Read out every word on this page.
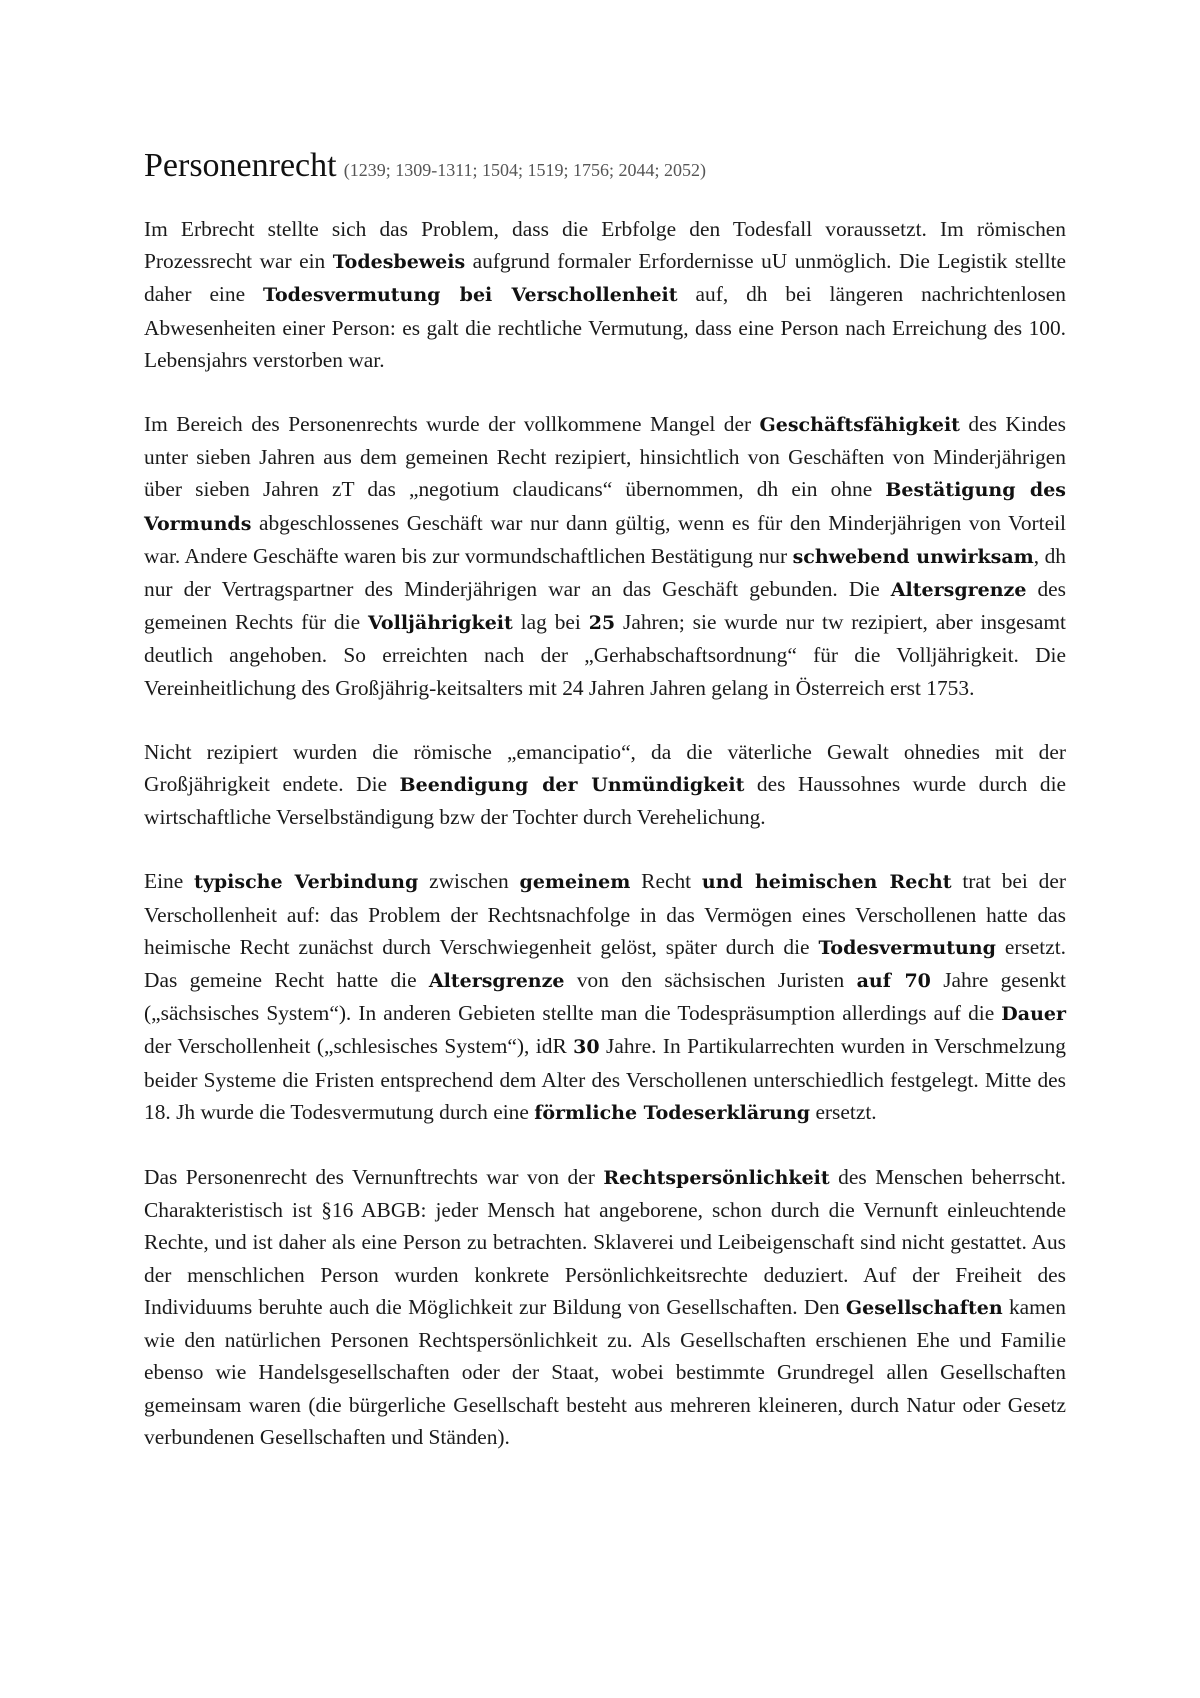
Personenrecht (1239; 1309-1311; 1504; 1519; 1756; 2044; 2052)

Im Erbrecht stellte sich das Problem, dass die Erbfolge den Todesfall voraussetzt. Im römischen Prozessrecht war ein Todesbeweis aufgrund formaler Erfordernisse uU unmöglich. Die Legistik stellte daher eine Todesvermutung bei Verschollenheit auf, dh bei längeren nachrichtenlosen Abwesenheiten einer Person: es galt die rechtliche Vermutung, dass eine Person nach Erreichung des 100. Lebensjahrs verstorben war.

Im Bereich des Personenrechts wurde der vollkommene Mangel der Geschäftsfähigkeit des Kindes unter sieben Jahren aus dem gemeinen Recht rezipiert, hinsichtlich von Geschäften von Minderjährigen über sieben Jahren zT das „negotium claudicans“ übernommen, dh ein ohne Bestätigung des Vormunds abgeschlossenes Geschäft war nur dann gültig, wenn es für den Minderjährigen von Vorteil war. Andere Geschäfte waren bis zur vormundschaftlichen Bestätigung nur schwebend unwirksam, dh nur der Vertragspartner des Minderjährigen war an das Geschäft gebunden. Die Altersgrenze des gemeinen Rechts für die Volljährigkeit lag bei 25 Jahren; sie wurde nur tw rezipiert, aber insgesamt deutlich angehoben. So erreichten nach der „Gerhabschaftsordnung“ für die Volljährigkeit. Die Vereinheitlichung des Großjährig-keitsalters mit 24 Jahren Jahren gelang in Österreich erst 1753.

Nicht rezipiert wurden die römische „emancipatio“, da die väterliche Gewalt ohnedies mit der Großjährigkeit endete. Die Beendigung der Unmündigkeit des Haussohnes wurde durch die wirtschaftliche Verselbständigung bzw der Tochter durch Verehelichung.

Eine typische Verbindung zwischen gemeinem Recht und heimischen Recht trat bei der Verschollenheit auf: das Problem der Rechtsnachfolge in das Vermögen eines Verschollenen hatte das heimische Recht zunächst durch Verschwiegenheit gelöst, später durch die Todesvermutung ersetzt. Das gemeine Recht hatte die Altersgrenze von den sächsischen Juristen auf 70 Jahre gesenkt („sächsisches System“). In anderen Gebieten stellte man die Todespräsumption allerdings auf die Dauer der Verschollenheit („schlesisches System“), idR 30 Jahre. In Partikularrechten wurden in Verschmelzung beider Systeme die Fristen entsprechend dem Alter des Verschollenen unterschiedlich festgelegt. Mitte des 18. Jh wurde die Todesvermutung durch eine förmliche Todeserklärung ersetzt.

Das Personenrecht des Vernunftrechts war von der Rechtspersönlichkeit des Menschen beherrscht. Charakteristisch ist §16 ABGB: jeder Mensch hat angeborene, schon durch die Vernunft einleuchtende Rechte, und ist daher als eine Person zu betrachten. Sklaverei und Leibeigenschaft sind nicht gestattet. Aus der menschlichen Person wurden konkrete Persönlichkeitsrechte deduziert. Auf der Freiheit des Individuums beruhte auch die Möglichkeit zur Bildung von Gesellschaften. Den Gesellschaften kamen wie den natürlichen Personen Rechtspersönlichkeit zu. Als Gesellschaften erschienen Ehe und Familie ebenso wie Handelsgesellschaften oder der Staat, wobei bestimmte Grundregel allen Gesellschaften gemeinsam waren (die bürgerliche Gesellschaft besteht aus mehreren kleineren, durch Natur oder Gesetz verbundenen Gesellschaften und Ständen).
